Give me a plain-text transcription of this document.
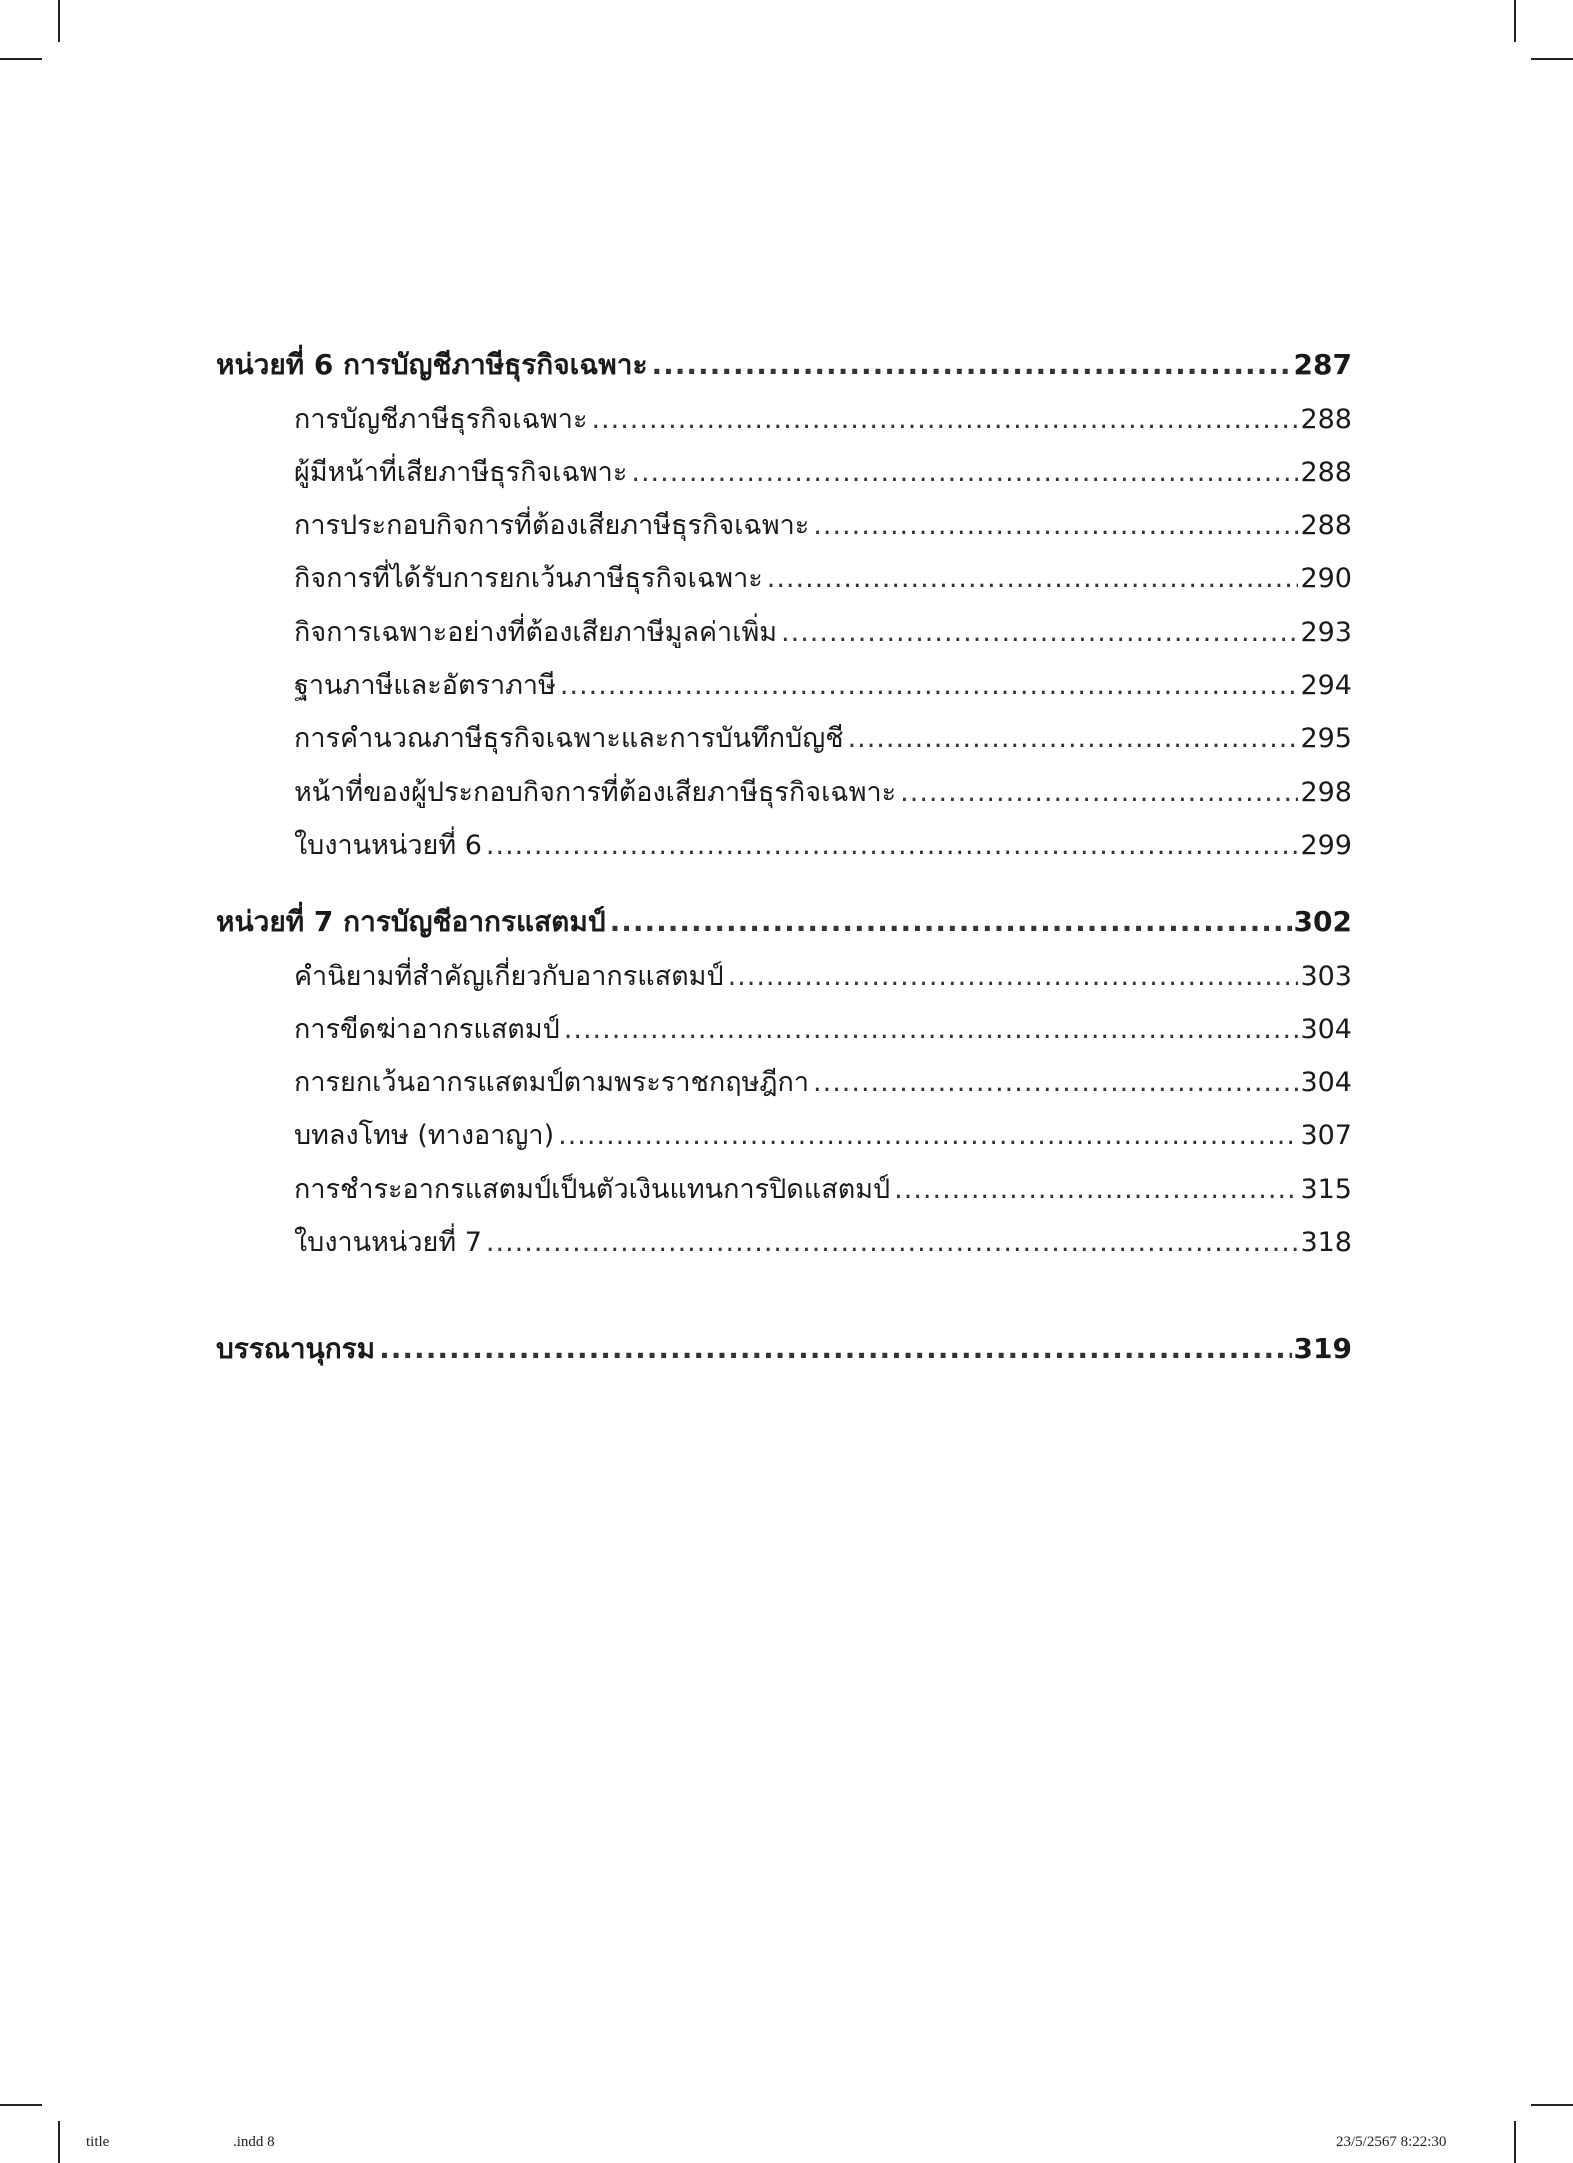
หน่วยที่ 6 การบัญชีภาษีธุรกิจเฉพาะ .....	287
การบัญชีภาษีธุรกิจเฉพาะ .....	288
ผู้มีหน้าที่เสียภาษีธุรกิจเฉพาะ .....	288
การประกอบกิจการที่ต้องเสียภาษีธุรกิจเฉพาะ .....	288
กิจการที่ได้รับการยกเว้นภาษีธุรกิจเฉพาะ .....	290
กิจการเฉพาะอย่างที่ต้องเสียภาษีมูลค่าเพิ่ม .....	293
ฐานภาษีและอัตราภาษี .....	294
การคำนวณภาษีธุรกิจเฉพาะและการบันทึกบัญชี .....	295
หน้าที่ของผู้ประกอบกิจการที่ต้องเสียภาษีธุรกิจเฉพาะ .....	298
ใบงานหน่วยที่ 6 .....	299
หน่วยที่ 7 การบัญชีอากรแสตมป์ .....	302
คำนิยามที่สำคัญเกี่ยวกับอากรแสตมป์ .....	303
การขีดฆ่าอากรแสตมป์ .....	304
การยกเว้นอากรแสตมป์ตามพระราชกฤษฎีกา .....	304
บทลงโทษ (ทางอาญา) .....	307
การชำระอากรแสตมป์เป็นตัวเงินแทนการปิดแสตมป์ .....	315
ใบงานหน่วยที่ 7 .....	318
บรรณานุกรม .....	319
title	.indd 8	23/5/2567 8:22:30
